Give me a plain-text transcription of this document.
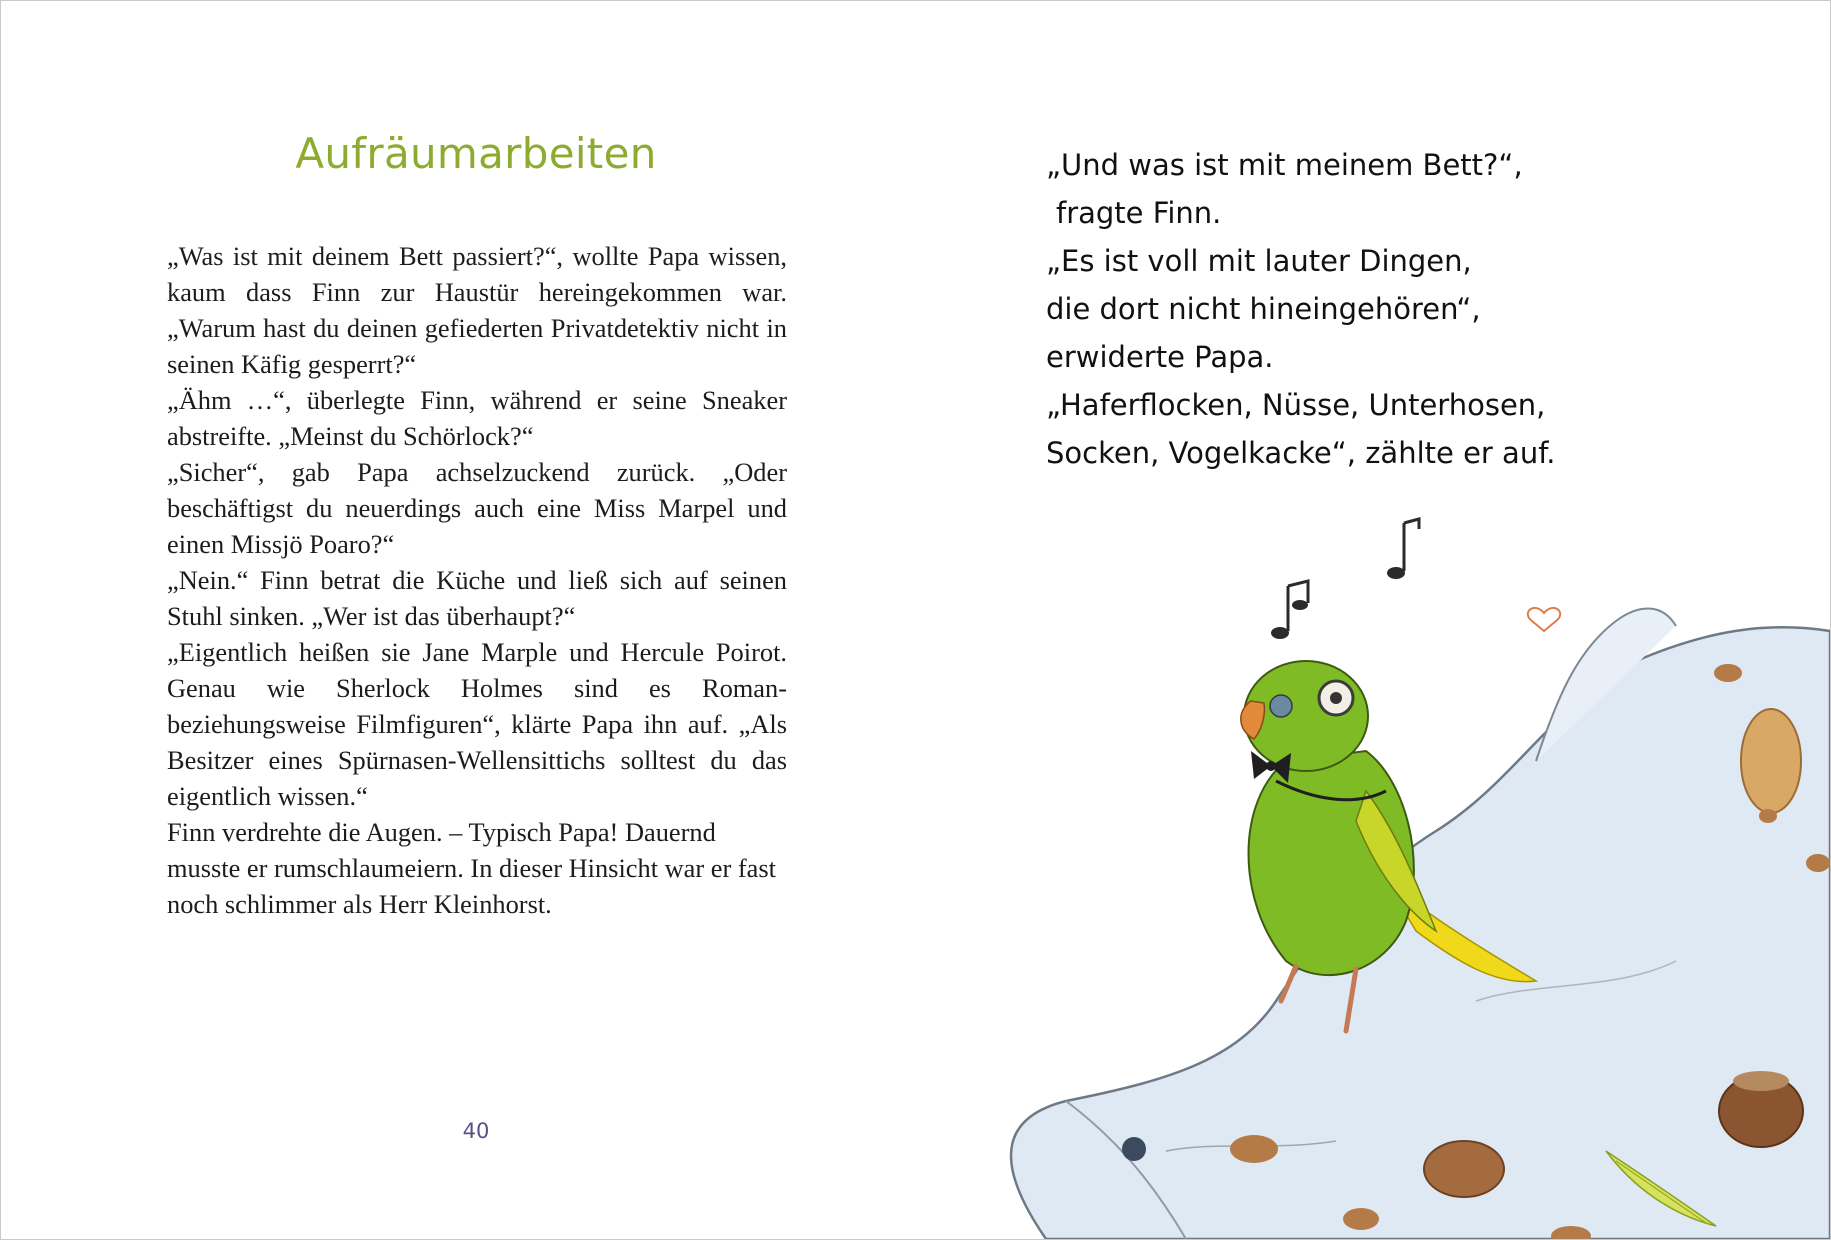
Aufräumarbeiten

„Was ist mit deinem Bett passiert?“, wollte Papa wissen, kaum dass Finn zur Haustür hereingekommen war. „Warum hast du deinen gefiederten Privatdetektiv nicht in seinen Käfig gesperrt?“

„Ähm …“, überlegte Finn, während er seine Sneaker abstreifte. „Meinst du Schörlock?“

„Sicher“, gab Papa achselzuckend zurück. „Oder beschäftigst du neuerdings auch eine Miss Marpel und einen Missjö Poaro?“

„Nein.“ Finn betrat die Küche und ließ sich auf seinen Stuhl sinken. „Wer ist das überhaupt?“

„Eigentlich heißen sie Jane Marple und Hercule Poirot. Genau wie Sherlock Holmes sind es Romanbeziehungsweise Filmfiguren“, klärte Papa ihn auf. „Als Besitzer eines Spürnasen-Wellensittichs solltest du das eigentlich wissen.“

Finn verdrehte die Augen. – Typisch Papa! Dauernd musste er rumschlaumeiern. In dieser Hinsicht war er fast noch schlimmer als Herr Kleinhorst.

40
„Und was ist mit meinem Bett?“,
fragte Finn.
„Es ist voll mit lauter Dingen,
die dort nicht hineingehören“,
erwiderte Papa.
„Haferflocken, Nüsse, Unterhosen,
Socken, Vogelkacke“, zählte er auf.
